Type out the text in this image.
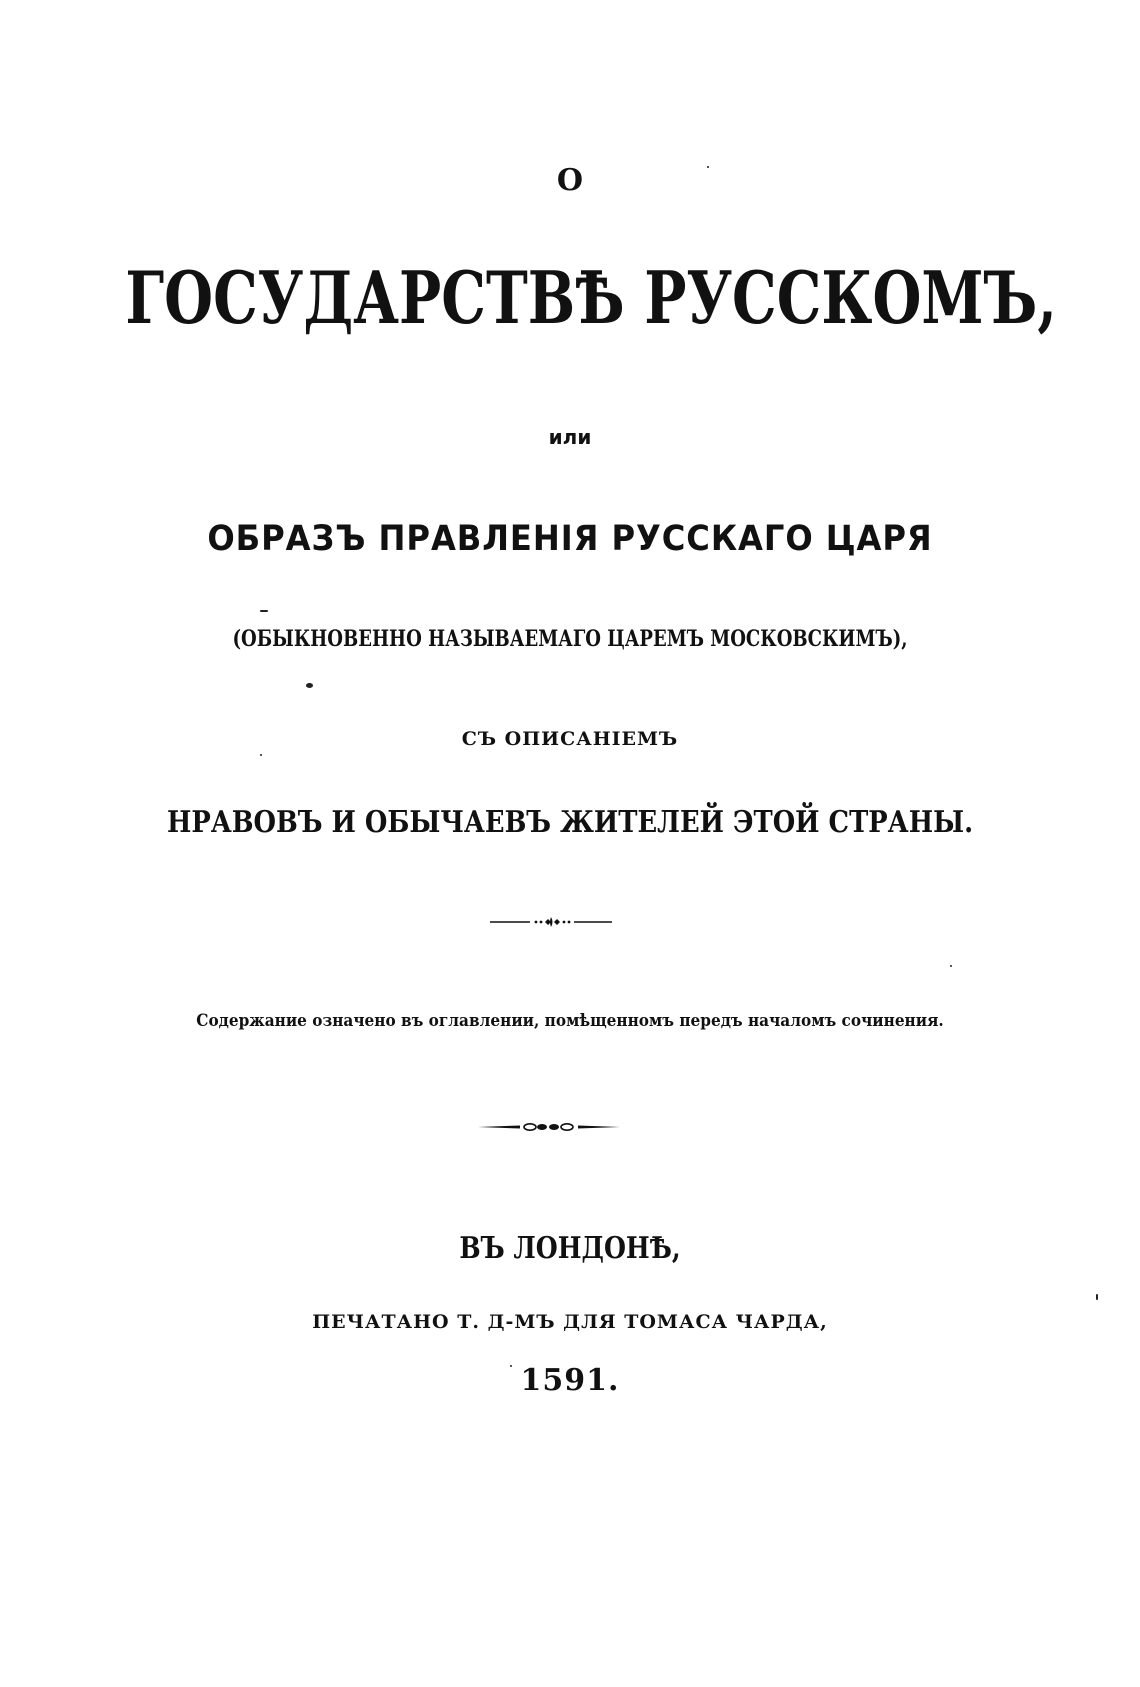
О
ГОСУДАРСТВѢ РУССКОМЪ,
или
ОБРАЗЪ ПРАВЛЕНІЯ РУССКАГО ЦАРЯ
(ОБЫКНОВЕННО НАЗЫВАЕМАГО ЦАРЕМЪ МОСКОВСКИМЪ),
СЪ ОПИСАНІЕМЪ
НРАВОВЪ И ОБЫЧАЕВЪ ЖИТЕЛЕЙ ЭТОЙ СТРАНЫ.
Содержание означено въ оглавлении, помѣщенномъ передъ началомъ сочинения.
ВЪ ЛОНДОНѢ,
ПЕЧАТАНО Т. Д-МЪ ДЛЯ ТОМАСА ЧАРДА,
1591.
